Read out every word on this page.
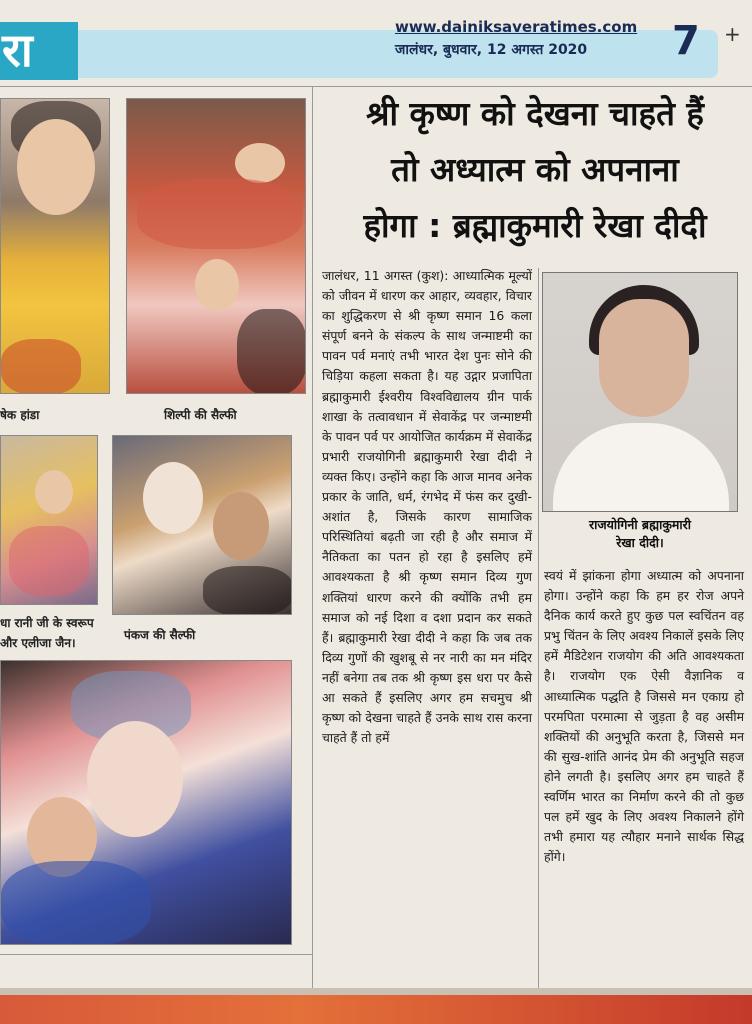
रा	www.dainiksaveratimes.com
जालंधर, बुधवार, 12 अगस्त 2020 7 +
षेक हांडा	शिल्पी की सैल्फी
धा रानी जी के स्वरूप
और एलीजा जैन।
पंकज की सैल्फी
श्री कृष्ण को देखना चाहते हैं
तो अध्यात्म को अपनाना
होगा : ब्रह्माकुमारी रेखा दीदी
जालंधर, 11 अगस्त (कुश): आध्यात्मिक मूल्यों को जीवन में धारण कर आहार, व्यवहार, विचार का शुद्धिकरण से श्री कृष्ण समान 16 कला संपूर्ण बनने के संकल्प के साथ जन्माष्टमी का पावन पर्व मनाएं तभी भारत देश पुनः सोने की चिड़िया कहला सकता है। यह उद्गार प्रजापिता ब्रह्माकुमारी ईश्वरीय विश्वविद्यालय ग्रीन पार्क शाखा के तत्वावधान में सेवाकेंद्र पर जन्माष्टमी के पावन पर्व पर आयोजित कार्यक्रम में सेवाकेंद्र प्रभारी राजयोगिनी ब्रह्माकुमारी रेखा दीदी ने व्यक्त किए। उन्होंने कहा कि आज मानव अनेक प्रकार के जाति, धर्म, रंगभेद में फंस कर दुखी-अशांत है, जिसके कारण सामाजिक परिस्थितियां बढ़ती जा रही है और समाज में नैतिकता का पतन हो रहा है इसलिए हमें आवश्यकता है श्री कृष्ण समान दिव्य गुण शक्तियां धारण करने की क्योंकि तभी हम समाज को नई दिशा व दशा प्रदान कर सकते हैं। ब्रह्माकुमारी रेखा दीदी ने कहा कि जब तक दिव्य गुणों की खुशबू से नर नारी का मन मंदिर नहीं बनेगा तब तक श्री कृष्ण इस धरा पर कैसे आ सकते हैं इसलिए अगर हम सचमुच श्री कृष्ण को देखना चाहते हैं उनके साथ रास करना चाहते हैं तो हमें
राजयोगिनी ब्रह्माकुमारी
रेखा दीदी।
स्वयं में झांकना होगा अध्यात्म को अपनाना होगा। उन्होंने कहा कि हम हर रोज अपने दैनिक कार्य करते हुए कुछ पल स्वचिंतन वह प्रभु चिंतन के लिए अवश्य निकालें इसके लिए हमें मैडिटेशन राजयोग की अति आवश्यकता है। राजयोग एक ऐसी वैज्ञानिक व आध्यात्मिक पद्धति है जिससे मन एकाग्र हो परमपिता परमात्मा से जुड़ता है वह असीम शक्तियों की अनुभूति करता है, जिससे मन की सुख-शांति आनंद प्रेम की अनुभूति सहज होने लगती है। इसलिए अगर हम चाहते हैं स्वर्णिम भारत का निर्माण करने की तो कुछ पल हमें खुद के लिए अवश्य निकालने होंगे तभी हमारा यह त्यौहार मनाने सार्थक सिद्ध होंगे।
